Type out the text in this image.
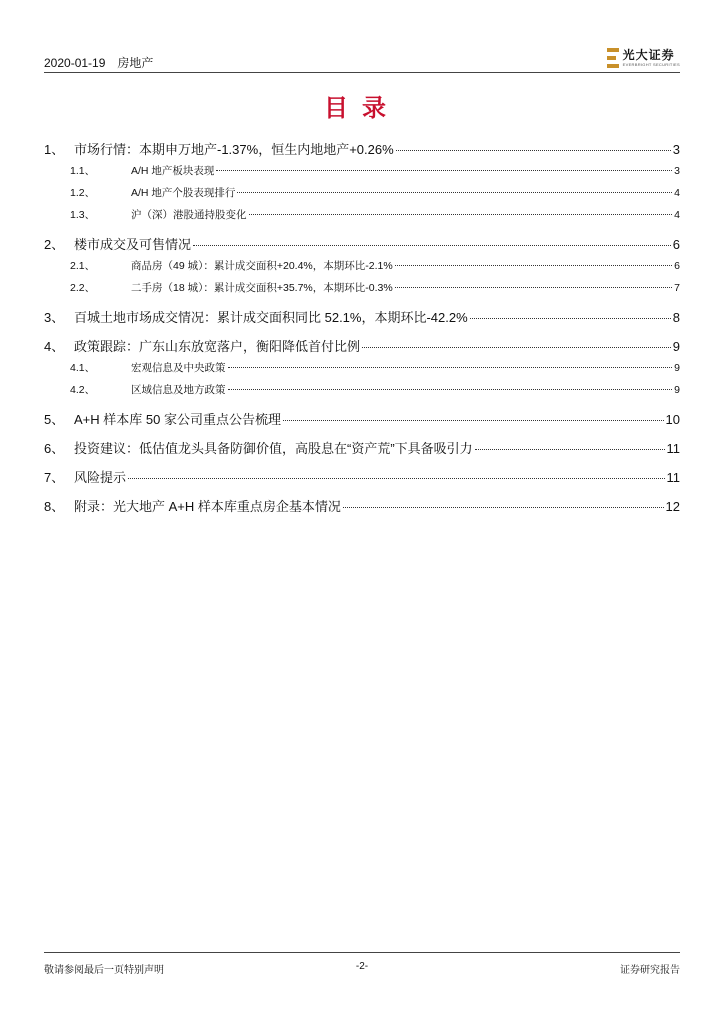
2020-01-19 房地产
光大证券
EVERBRIGHT SECURITIES
目录
1、 市场行情：本期申万地产-1.37%，恒生内地地产+0.26%	3
1.1、	A/H 地产板块表现	3
1.2、	A/H 地产个股表现排行	4
1.3、	沪（深）港股通持股变化	4
2、 楼市成交及可售情况	6
2.1、	商品房（49 城）：累计成交面积+20.4%，本期环比-2.1%	6
2.2、	二手房（18 城）：累计成交面积+35.7%，本期环比-0.3%	7
3、 百城土地市场成交情况：累计成交面积同比 52.1%，本期环比-42.2%	8
4、 政策跟踪：广东山东放宽落户，衡阳降低首付比例	9
4.1、	宏观信息及中央政策	9
4.2、	区域信息及地方政策	9
5、 A+H 样本库 50 家公司重点公告梳理	10
6、 投资建议：低估值龙头具备防御价值，高股息在“资产荒”下具备吸引力	11
7、 风险提示	11
8、 附录：光大地产 A+H 样本库重点房企基本情况	12
敬请参阅最后一页特别声明	-2-	证券研究报告
